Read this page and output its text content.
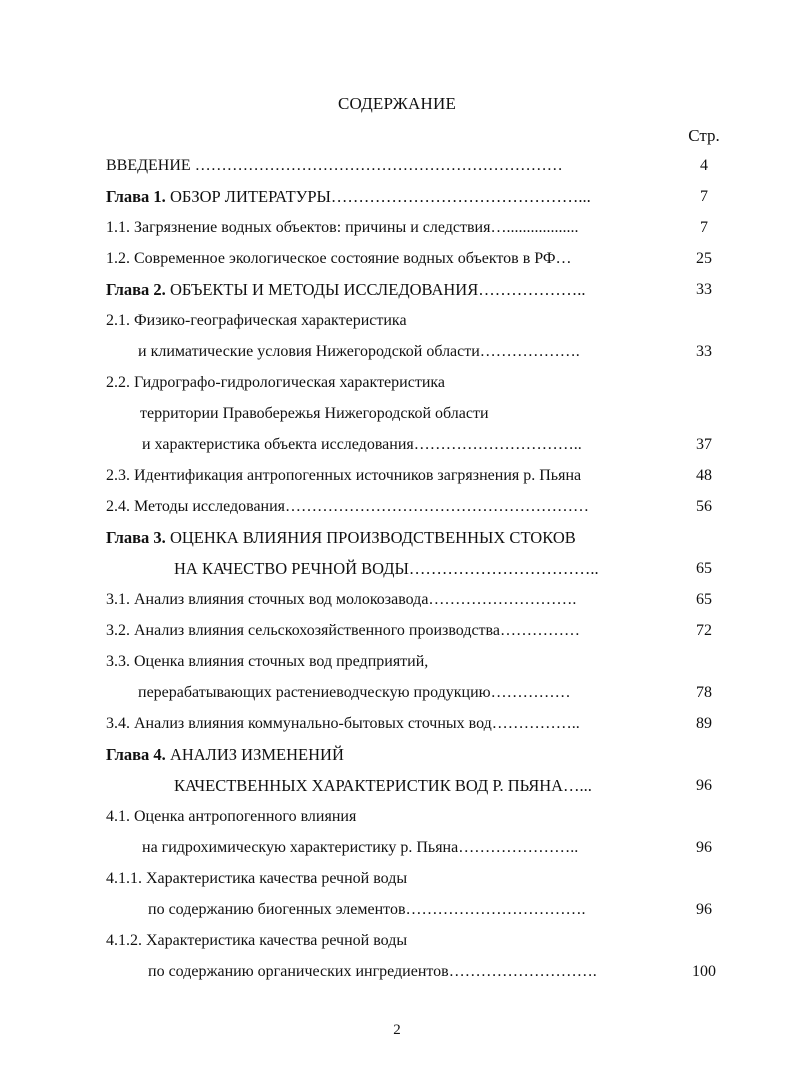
СОДЕРЖАНИЕ
Стр.
ВВЕДЕНИЕ ……………………………………………………………	4
Глава 1. ОБЗОР ЛИТЕРАТУРЫ………………………………………...	7
1.1. Загрязнение водных объектов: причины и следствия…..................	7
1.2. Современное экологическое состояние водных объектов в РФ…	25
Глава 2. ОБЪЕКТЫ И МЕТОДЫ ИССЛЕДОВАНИЯ………………..	33
2.1. Физико-географическая характеристика
и климатические условия Нижегородской области……………….	33
2.2. Гидрографо-гидрологическая характеристика
территории Правобережья Нижегородской области
и характеристика объекта исследования…………………………..	37
2.3. Идентификация антропогенных источников загрязнения р. Пьяна	48
2.4. Методы исследования…………………………………………………	56
Глава 3. ОЦЕНКА ВЛИЯНИЯ ПРОИЗВОДСТВЕННЫХ СТОКОВ
НА КАЧЕСТВО РЕЧНОЙ ВОДЫ……………………………..	65
3.1. Анализ влияния сточных вод молокозавода……………………….	65
3.2. Анализ влияния сельскохозяйственного производства……………	72
3.3. Оценка влияния сточных вод предприятий,
перерабатывающих растениеводческую продукцию……………	78
3.4. Анализ влияния коммунально-бытовых сточных вод……………..	89
Глава 4. АНАЛИЗ ИЗМЕНЕНИЙ
КАЧЕСТВЕННЫХ ХАРАКТЕРИСТИК ВОД Р. ПЬЯНА…...	96
4.1. Оценка антропогенного влияния
на гидрохимическую характеристику р. Пьяна…………………..	96
4.1.1. Характеристика качества речной воды
по содержанию биогенных элементов…………………………….	96
4.1.2. Характеристика качества речной воды
по содержанию органических ингредиентов……………………….	100
2
